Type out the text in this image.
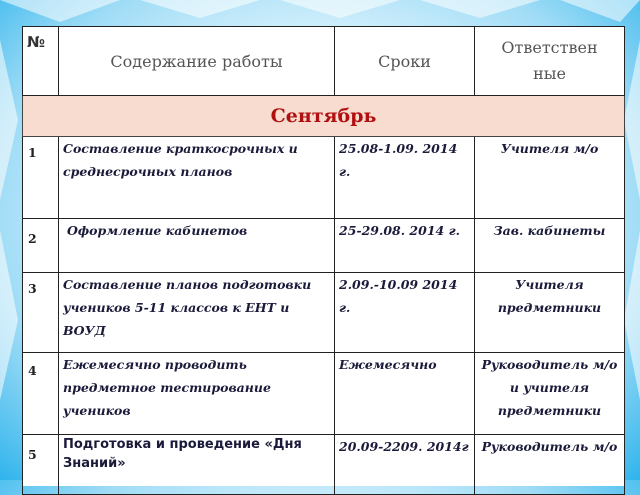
№	Содержание работы	Сроки	Ответствен ные
Сентябрь			
1	Составление краткосрочных и среднесрочных планов	25.08-1.09. 2014 г.	Учителя м/о
2	Оформление кабинетов	25-29.08. 2014 г.	Зав. кабинеты
3	Составление планов подготовки учеников 5-11 классов к ЕНТ и ВОУД	2.09.-10.09 2014 г.	Учителя предметники
4	Ежемесячно проводить предметное тестирование учеников	Ежемесячно	Руководитель м/о и учителя предметники
5	Подготовка и проведение «Дня Знаний»	20.09-2209. 2014г	Руководитель м/о
